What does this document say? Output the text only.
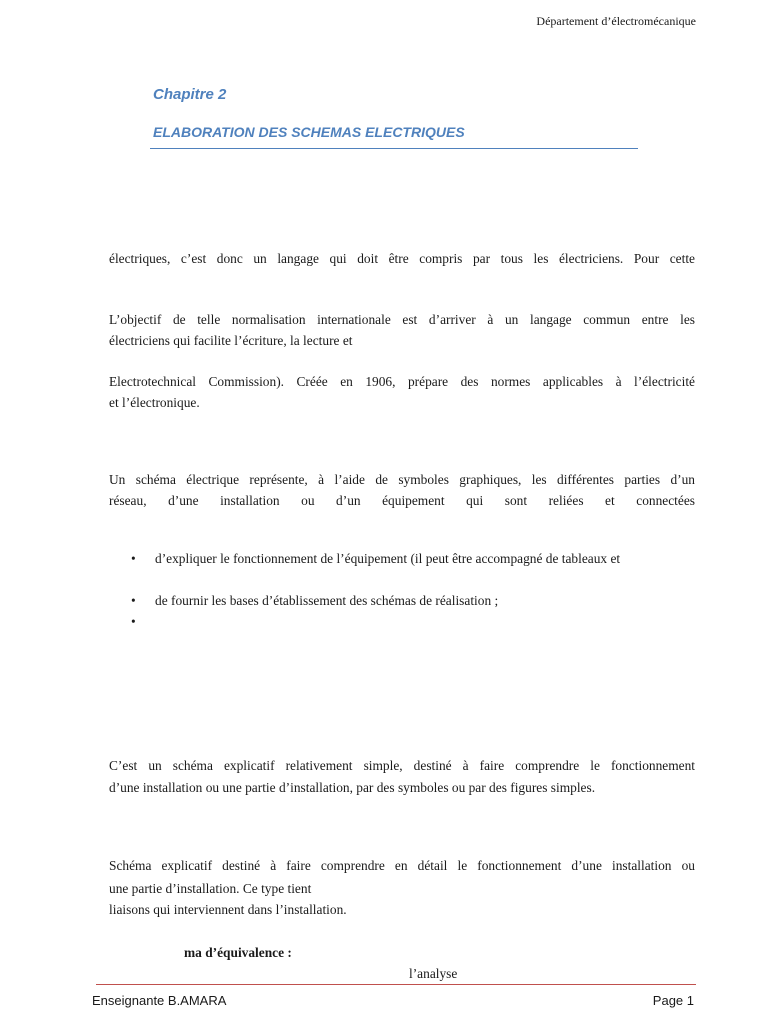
Département d’électromécanique
Chapitre 2
ELABORATION DES SCHEMAS ELECTRIQUES
électriques, c’est donc un langage qui doit être compris par tous les électriciens. Pour cette
L’objectif de telle normalisation internationale est d’arriver à un langage commun entre les
électriciens qui facilite l’écriture, la lecture et
Electrotechnical Commission). Créée en 1906, prépare des normes applicables à l’électricité
et l’électronique.
Un schéma électrique représente, à l’aide de symboles graphiques, les différentes parties d’un
réseau, d’une installation ou d’un équipement qui sont reliées et connectées
• d’expliquer le fonctionnement de l’équipement (il peut être accompagné de tableaux et
• de fournir les bases d’établissement des schémas de réalisation ;
•
C’est un schéma explicatif relativement simple, destiné à faire comprendre le fonctionnement
d’une installation ou une partie d’installation, par des symboles ou par des figures simples.
Schéma explicatif destiné à faire comprendre en détail le fonctionnement d’une installation ou
une partie d’installation. Ce type tient
liaisons qui interviennent dans l’installation.
ma d’équivalence :
l’analyse
Enseignante B.AMARA	Page 1
